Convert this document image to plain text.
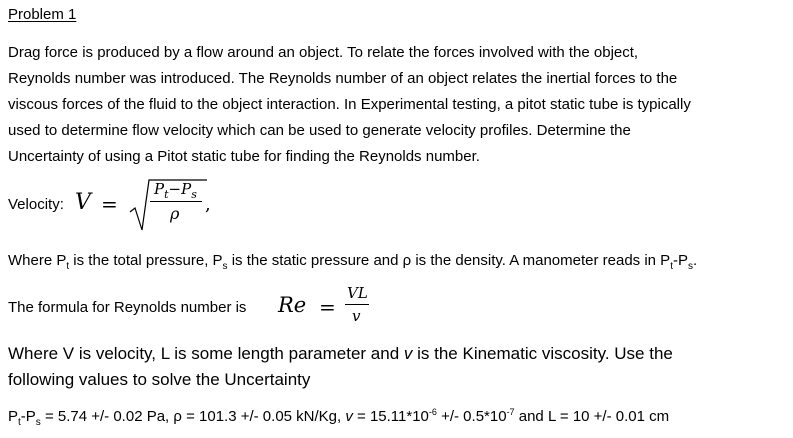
Problem 1
Drag force is produced by a flow around an object. To relate the forces involved with the object,
Reynolds number was introduced. The Reynolds number of an object relates the inertial forces to the
viscous forces of the fluid to the object interaction. In Experimental testing, a pitot static tube is typically
used to determine flow velocity which can be used to generate velocity profiles. Determine the
Uncertainty of using a Pitot static tube for finding the Reynolds number.
Velocity: V =
$P_t-P_s$
ρ ,
Where $P_t$ is the total pressure, $P_s$ is the static pressure and ρ is the density. A manometer reads in $P_t-P_s$.
The formula for Reynolds number is Re =
VL
v
Where V is velocity, L is some length parameter and v is the Kinematic viscosity. Use the
following values to solve the Uncertainty
$P_t-P_s = 5.74$ +/- 0.02 Pa, ρ = 101.3 +/- 0.05 kN/Kg, $v = 15.11*10^{-6}$ +/- $0.5*10^{-7}$ and L = 10 +/- 0.01 cm
